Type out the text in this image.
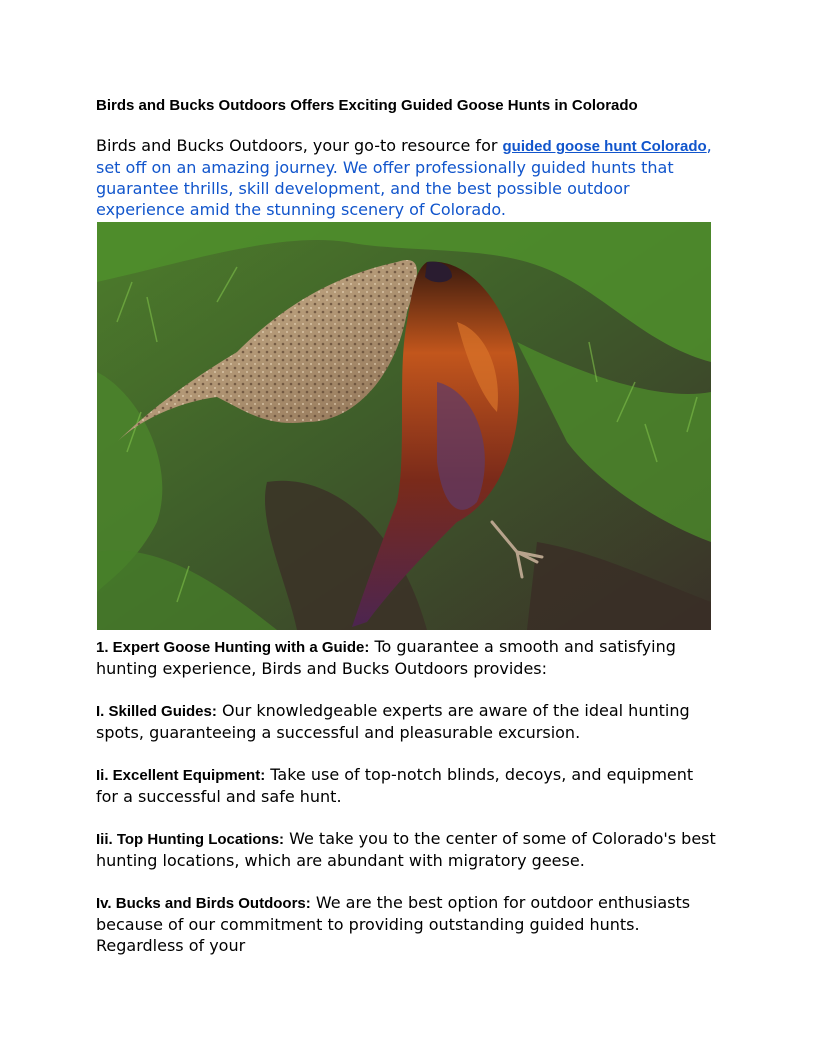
Birds and Bucks Outdoors Offers Exciting Guided Goose Hunts in Colorado
Birds and Bucks Outdoors, your go-to resource for guided goose hunt Colorado, set off on an amazing journey. We offer professionally guided hunts that guarantee thrills, skill development, and the best possible outdoor experience amid the stunning scenery of Colorado.

1. Expert Goose Hunting with a Guide: To guarantee a smooth and satisfying hunting experience, Birds and Bucks Outdoors provides:

I. Skilled Guides: Our knowledgeable experts are aware of the ideal hunting spots, guaranteeing a successful and pleasurable excursion.

Ii. Excellent Equipment: Take use of top-notch blinds, decoys, and equipment for a successful and safe hunt.

Iii. Top Hunting Locations: We take you to the center of some of Colorado's best hunting locations, which are abundant with migratory geese.

Iv. Bucks and Birds Outdoors: We are the best option for outdoor enthusiasts because of our commitment to providing outstanding guided hunts. Regardless of your
